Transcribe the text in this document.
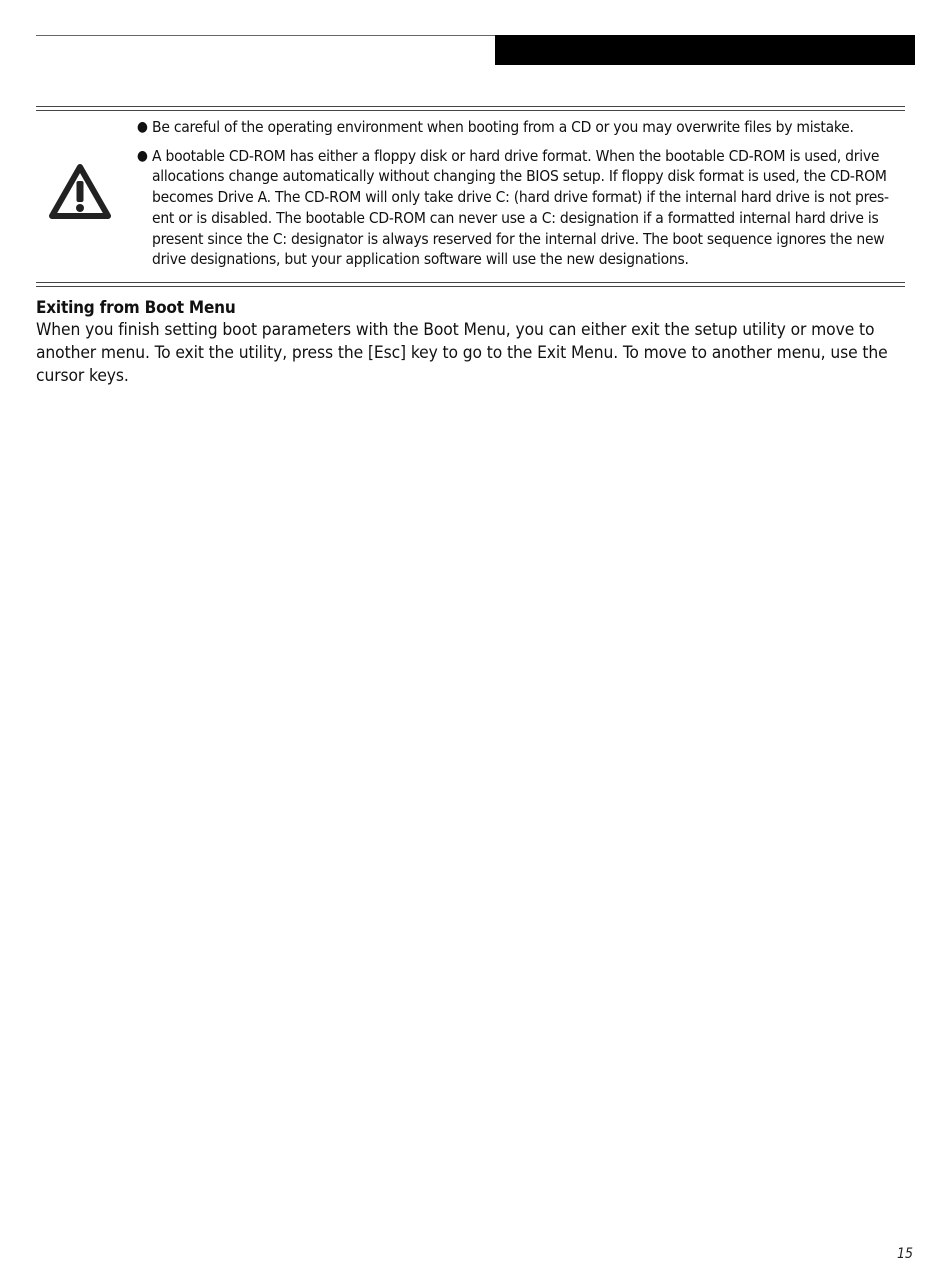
● Be careful of the operating environment when booting from a CD or you may overwrite files by mistake.
● A bootable CD-ROM has either a floppy disk or hard drive format. When the bootable CD-ROM is used, drive allocations change automatically without changing the BIOS setup. If floppy disk format is used, the CD-ROM becomes Drive A. The CD-ROM will only take drive C: (hard drive format) if the internal hard drive is not pres-ent or is disabled. The bootable CD-ROM can never use a C: designation if a formatted internal hard drive is present since the C: designator is always reserved for the internal drive. The boot sequence ignores the new drive designations, but your application software will use the new designations.
Exiting from Boot Menu

When you finish setting boot parameters with the Boot Menu, you can either exit the setup utility or move to another menu. To exit the utility, press the [Esc] key to go to the Exit Menu. To move to another menu, use the cursor keys.

15
